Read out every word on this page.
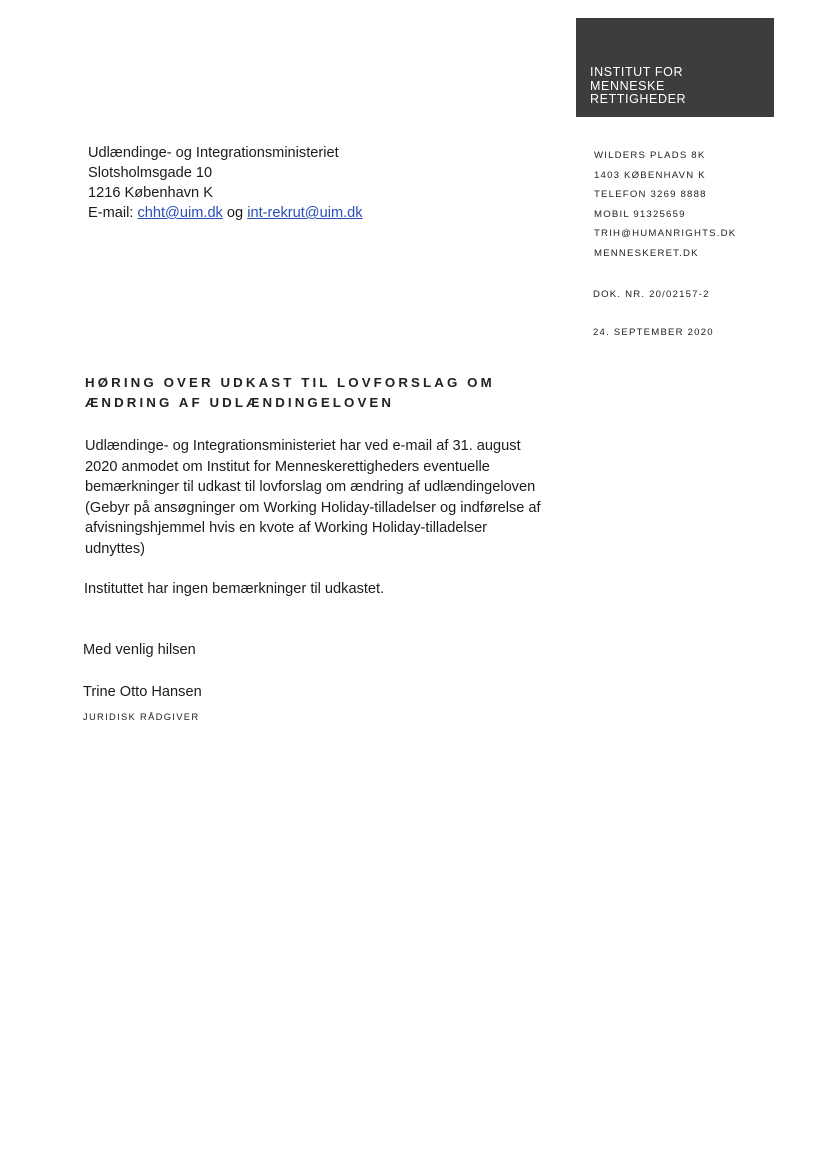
INSTITUT FOR
MENNESKE
RETTIGHEDER
Udlændinge- og Integrationsministeriet
Slotsholmsgade 10
1216 København K
E-mail: chht@uim.dk og int-rekrut@uim.dk
WILDERS PLADS 8K
1403 KØBENHAVN K
TELEFON 3269 8888
MOBIL 91325659
TRIH@HUMANRIGHTS.DK
MENNESKERET.DK
DOK. NR. 20/02157-2
24. SEPTEMBER 2020
HØRING OVER UDKAST TIL LOVFORSLAG OM
ÆNDRING AF UDLÆNDINGELOVEN
Udlændinge- og Integrationsministeriet har ved e-mail af 31. august
2020 anmodet om Institut for Menneskerettigheders eventuelle
bemærkninger til udkast til lovforslag om ændring af udlændingeloven
(Gebyr på ansøgninger om Working Holiday-tilladelser og indførelse af
afvisningshjemmel hvis en kvote af Working Holiday-tilladelser
udnyttes)
Instituttet har ingen bemærkninger til udkastet.
Med venlig hilsen
Trine Otto Hansen
JURIDISK RÅDGIVER
